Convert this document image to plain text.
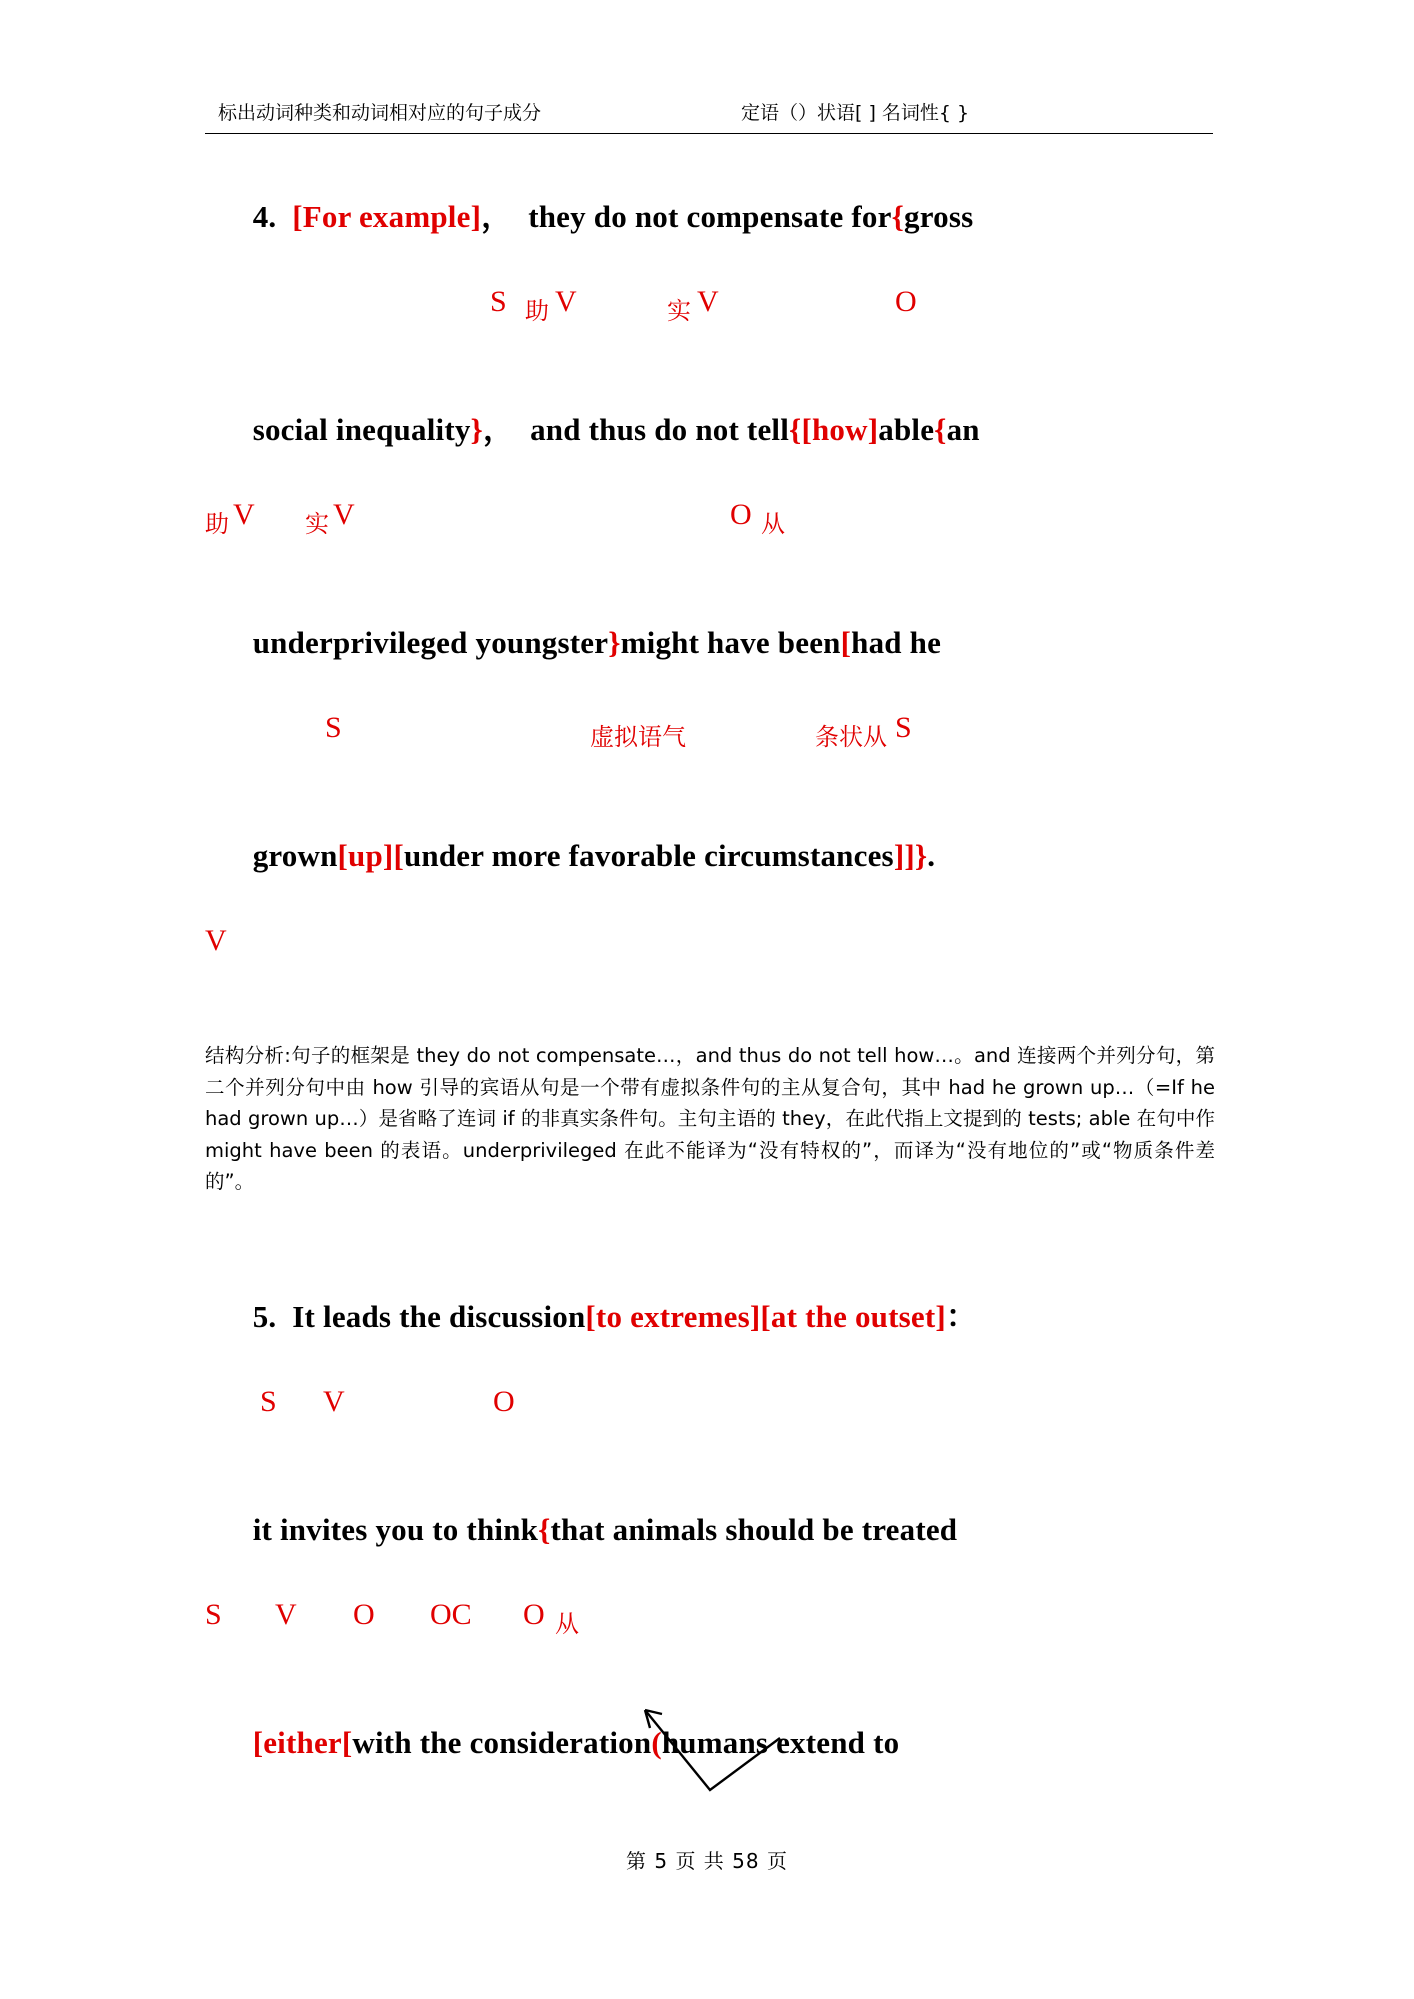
标出动词种类和动词相对应的句子成分	定语（）状语[ ] 名词性{ }

4. [For example]， they do not compensate for{gross

S 助 V	实 V	O

social inequality}， and thus do not tell{[how]able{an

助 V 实 V	O 从

underprivileged youngster}might have been[had he

S	虚拟语气	条状从 S

grown[up][under more favorable circumstances]]}.

V
结构分析:句子的框架是 they do not compensate…，and thus do not tell how…。and 连接两个并列分句，第二个并列分句中由 how 引导的宾语从句是一个带有虚拟条件句的主从复合句，其中 had he grown up…（=If he had grown up…）是省略了连词 if 的非真实条件句。主句主语的 they，在此代指上文提到的 tests; able 在句中作 might have been 的表语。underprivileged 在此不能译为“没有特权的”，而译为“没有地位的”或“物质条件差的”。

5. It leads the discussion[to extremes][at the outset]：

S V	O

it invites you to think{that animals should be treated

S V O OC O 从

[either[with the consideration(humans extend to

第 5 页 共 58 页
